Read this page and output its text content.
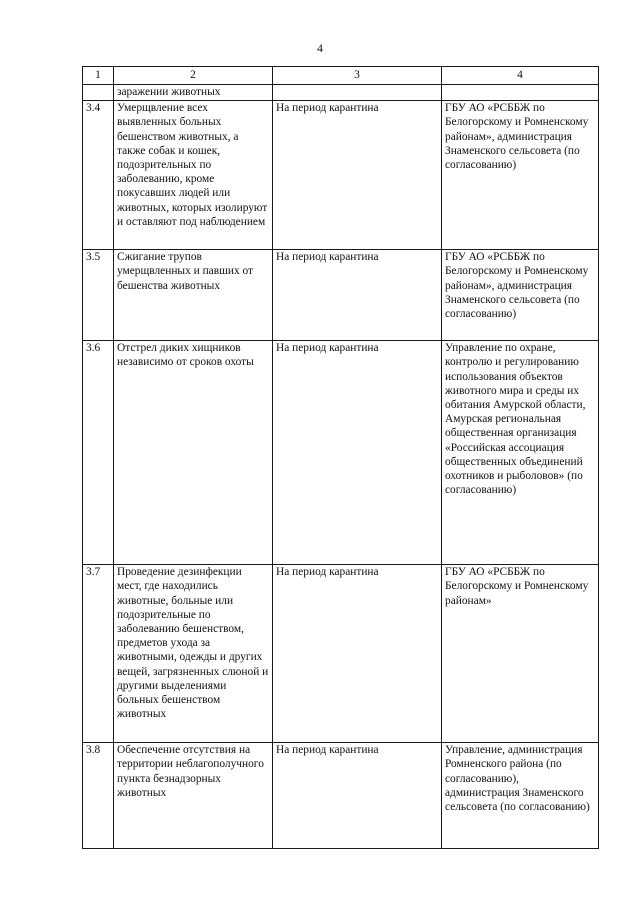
4
1	2	3	4
	заражении животных		
3.4	Умерщвление всех выявленных больных бешенством животных, а также собак и кошек, подозрительных по заболеванию, кроме покусавших людей или животных, которых изолируют и оставляют под наблюдением	На период карантина	ГБУ АО «РСББЖ по Белогорскому и Ромненскому районам», администрация Знаменского сельсовета (по согласованию)
3.5	Сжигание трупов умерщвленных и павших от бешенства животных	На период карантина	ГБУ АО «РСББЖ по Белогорскому и Ромненскому районам», администрация Знаменского сельсовета (по согласованию)
3.6	Отстрел диких хищников независимо от сроков охоты	На период карантина	Управление по охране, контролю и регулированию использования объектов животного мира и среды их обитания Амурской области, Амурская региональная общественная организация «Российская ассоциация общественных объединений охотников и рыболовов» (по согласованию)
3.7	Проведение дезинфекции мест, где находились животные, больные или подозрительные по заболеванию бешенством, предметов ухода за животными, одежды и других вещей, загрязненных слюной и другими выделениями больных бешенством животных	На период карантина	ГБУ АО «РСББЖ по Белогорскому и Ромненскому районам»
3.8	Обеспечение отсутствия на территории неблагополучного пункта безнадзорных животных	На период карантина	Управление, администрация Ромненского района (по согласованию), администрация Знаменского сельсовета (по согласованию)
